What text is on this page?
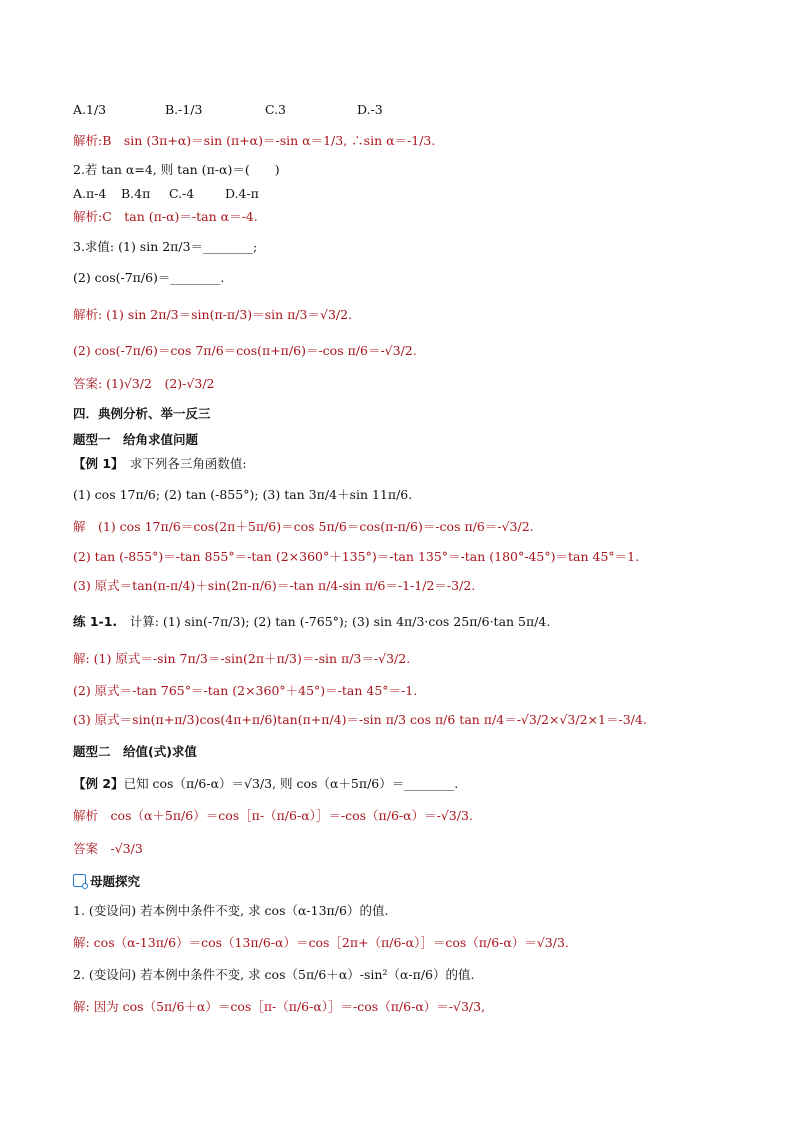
A.1/3	B.-1/3	C.3	D.-3
解析:B　sin (3π+α)＝sin (π+α)＝-sin α＝1/3, ∴sin α＝-1/3.
2.若 tan α=4, 则 tan (π-α)＝(　　)
A.π-4 B.4π C.-4 D.4-π
解析:C　tan (π-α)＝-tan α＝-4.
3.求值: (1) sin 2π/3＝________;
(2) cos(-7π/6)＝________.
解析: (1) sin 2π/3＝sin(π-π/3)＝sin π/3＝√3/2.
(2) cos(-7π/6)＝cos 7π/6＝cos(π+π/6)＝-cos π/6＝-√3/2.
答案: (1)√3/2　(2)-√3/2
四．典例分析、举一反三
题型一　给角求值问题
【例 1】　求下列各三角函数值:
(1) cos 17π/6; (2) tan (-855°); (3) tan 3π/4＋sin 11π/6.
解　(1) cos 17π/6＝cos(2π＋5π/6)＝cos 5π/6＝cos(π-π/6)＝-cos π/6＝-√3/2.
(2) tan (-855°)＝-tan 855°＝-tan (2×360°＋135°)＝-tan 135°＝-tan (180°-45°)＝tan 45°＝1.
(3) 原式＝tan(π-π/4)＋sin(2π-π/6)＝-tan π/4-sin π/6＝-1-1/2＝-3/2.
练 1-1.　计算: (1) sin(-7π/3); (2) tan (-765°); (3) sin 4π/3·cos 25π/6·tan 5π/4.
解: (1) 原式＝-sin 7π/3＝-sin(2π＋π/3)＝-sin π/3＝-√3/2.
(2) 原式＝-tan 765°＝-tan (2×360°＋45°)＝-tan 45°＝-1.
(3) 原式＝sin(π+π/3)cos(4π+π/6)tan(π+π/4)＝-sin π/3 cos π/6 tan π/4＝-√3/2×√3/2×1＝-3/4.
题型二　给值(式)求值
【例 2】已知 cos（π/6-α）＝√3/3, 则 cos（α＋5π/6）＝________.
解析　cos（α＋5π/6）＝cos［π-（π/6-α）］＝-cos（π/6-α）＝-√3/3.
答案　-√3/3
母题探究
1. (变设问) 若本例中条件不变, 求 cos（α-13π/6）的值.
解: cos（α-13π/6）＝cos（13π/6-α）＝cos［2π+（π/6-α）］＝cos（π/6-α）＝√3/3.
2. (变设问) 若本例中条件不变, 求 cos（5π/6＋α）-sin²（α-π/6）的值.
解: 因为 cos（5π/6＋α）＝cos［π-（π/6-α）］＝-cos（π/6-α）＝-√3/3,
